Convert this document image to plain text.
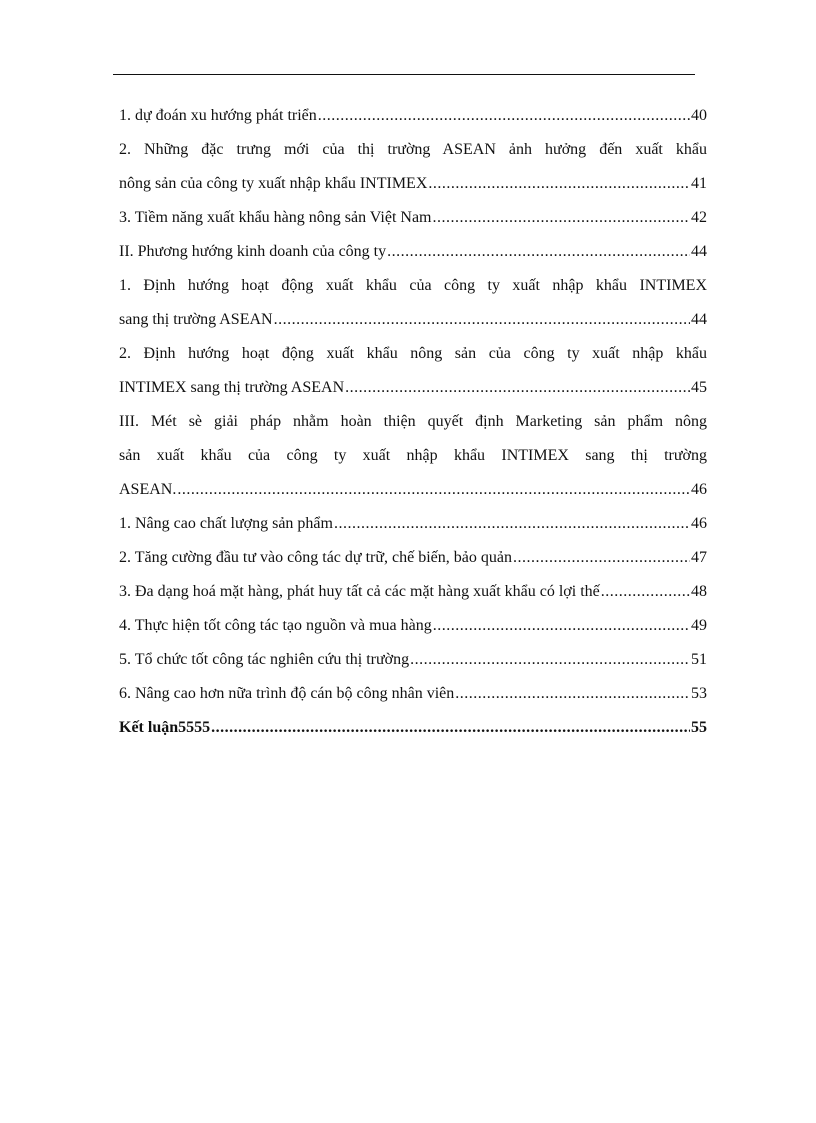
1. dự đoán xu hướng phát triển .....	40
2. Những đặc trưng mới của thị trường ASEAN ảnh hưởng đến xuất khẩu
nông sản của công ty xuất nhập khẩu INTIMEX .....	41
3. Tiềm năng xuất khẩu hàng nông sản Việt Nam .....	42
II. Phương hướng kinh doanh của công ty .....	44
1. Định hướng hoạt động xuất khẩu của công ty xuất nhập khẩu INTIMEX
sang thị trường ASEAN .....	44
2. Định hướng hoạt động xuất khẩu nông sản của công ty xuất nhập khẩu
INTIMEX sang thị trường ASEAN .....	45
III. Mét sè giải pháp nhằm hoàn thiện quyết định Marketing sản phẩm nông
sản xuất khẩu của công ty xuất nhập khẩu INTIMEX sang thị trường
ASEAN. .....	46
1. Nâng cao chất lượng sản phẩm .....	46
2. Tăng cường đầu tư vào công tác dự trữ, chế biến, bảo quản .....	47
3. Đa dạng hoá mặt hàng, phát huy tất cả các mặt hàng xuất khẩu có lợi thế .....	48
4. Thực hiện tốt công tác tạo nguồn và mua hàng .....	49
5. Tổ chức tốt công tác nghiên cứu thị trường .....	51
6. Nâng cao hơn nữa trình độ cán bộ công nhân viên .....	53
Kết luận5555 .....	55
